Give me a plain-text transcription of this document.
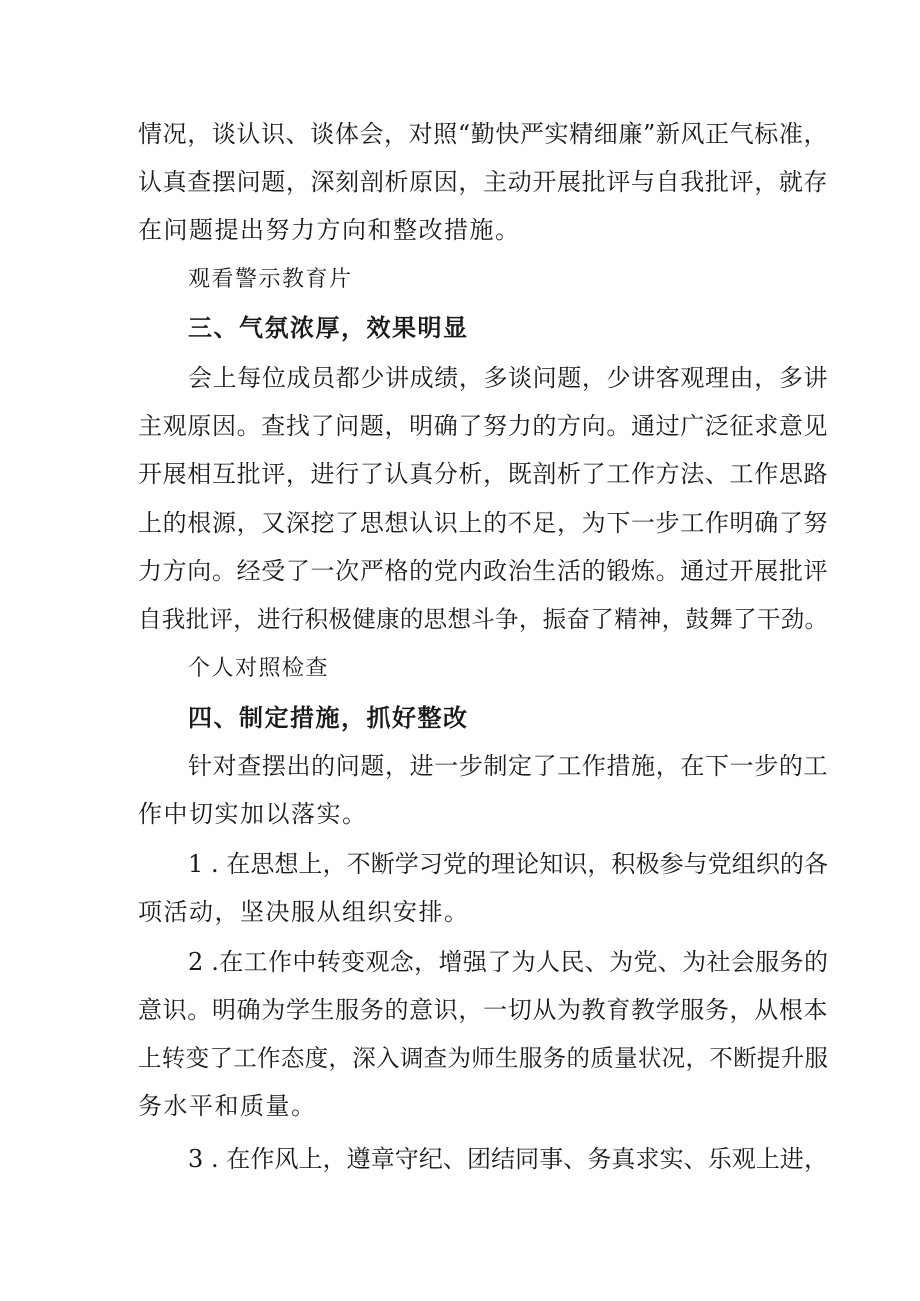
情况，谈认识、谈体会，对照“勤快严实精细廉”新风正气标准，
认真查摆问题，深刻剖析原因，主动开展批评与自我批评，就存
在问题提出努力方向和整改措施。
观看警示教育片
三、气氛浓厚，效果明显
会上每位成员都少讲成绩，多谈问题，少讲客观理由，多讲
主观原因。查找了问题，明确了努力的方向。通过广泛征求意见
开展相互批评，进行了认真分析，既剖析了工作方法、工作思路
上的根源，又深挖了思想认识上的不足，为下一步工作明确了努
力方向。经受了一次严格的党内政治生活的锻炼。通过开展批评
自我批评，进行积极健康的思想斗争，振奋了精神，鼓舞了干劲。
个人对照检查
四、制定措施，抓好整改
针对查摆出的问题，进一步制定了工作措施，在下一步的工
作中切实加以落实。
1 . 在思想上，不断学习党的理论知识，积极参与党组织的各
项活动，坚决服从组织安排。
2 .在工作中转变观念，增强了为人民、为党、为社会服务的
意识。明确为学生服务的意识，一切从为教育教学服务，从根本
上转变了工作态度，深入调查为师生服务的质量状况，不断提升服
务水平和质量。
3 . 在作风上，遵章守纪、团结同事、务真求实、乐观上进，
